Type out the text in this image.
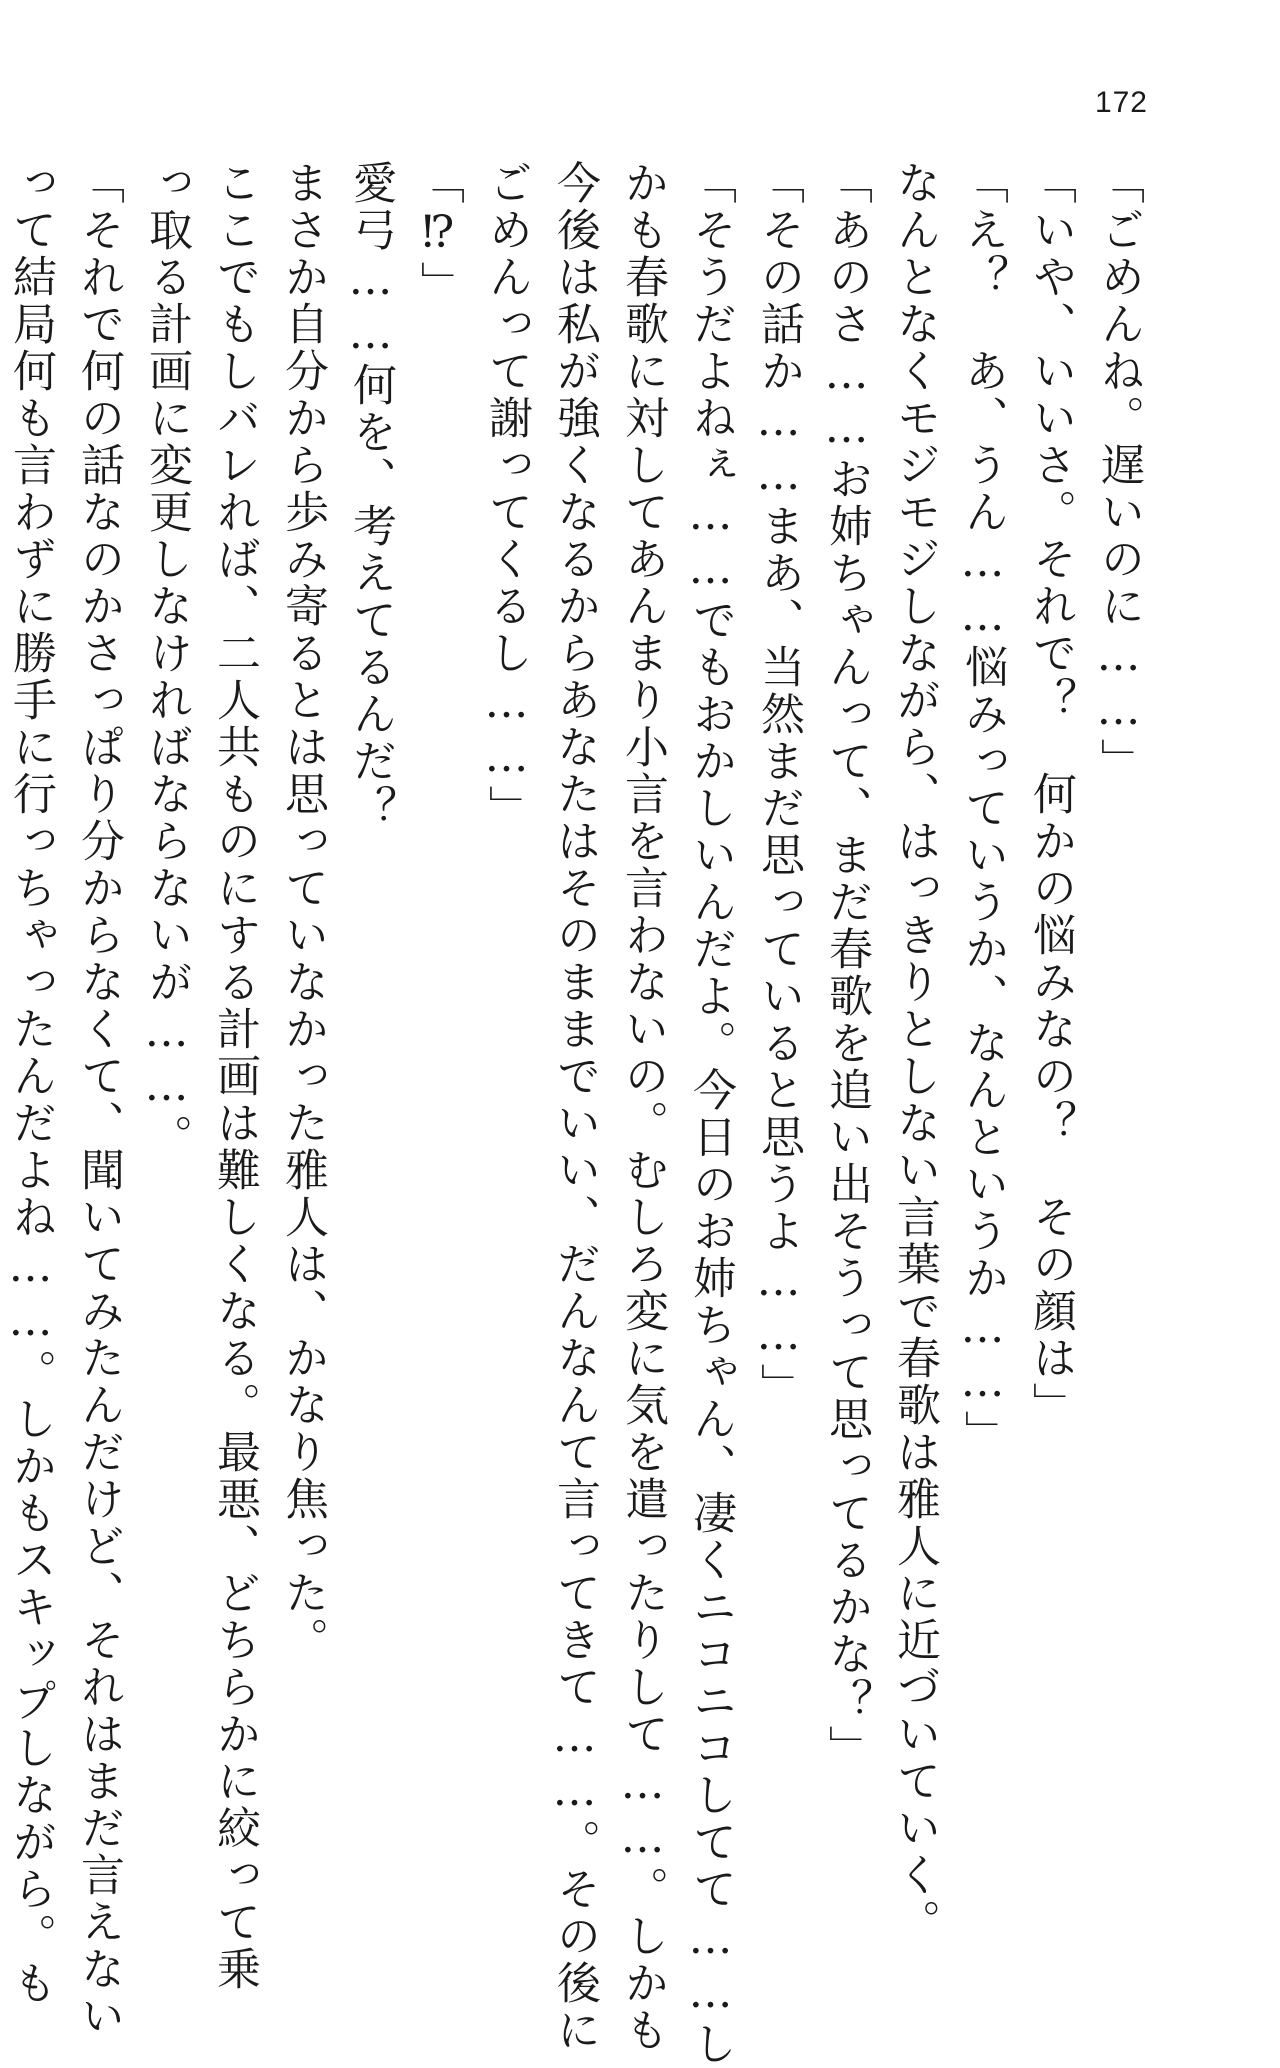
172
「ごめんね。遅いのに……」
「いや、いいさ。それで？　何かの悩みなの？　その顔は」
「え？　あ、うん……悩みっていうか、なんというか……」
なんとなくモジモジしながら、はっきりとしない言葉で春歌は雅人に近づいていく。
「あのさ……お姉ちゃんって、まだ春歌を追い出そうって思ってるかな？」
「その話か……まあ、当然まだ思っていると思うよ……」
「そうだよねぇ……でもおかしいんだよ。今日のお姉ちゃん、凄くニコニコしてて……し
かも春歌に対してあんまり小言を言わないの。むしろ変に気を遣ったりして……。しかも
今後は私が強くなるからあなたはそのままでいい、だんなんて言ってきて……。その後に
ごめんって謝ってくるし……」
「⁉」
愛弓……何を、考えてるんだ？
まさか自分から歩み寄るとは思っていなかった雅人は、かなり焦った。
ここでもしバレれば、二人共ものにする計画は難しくなる。最悪、どちらかに絞って乗
っ取る計画に変更しなければならないが……。
「それで何の話なのかさっぱり分からなくて、聞いてみたんだけど、それはまだ言えない
って結局何も言わずに勝手に行っちゃったんだよね……。しかもスキップしながら。も
